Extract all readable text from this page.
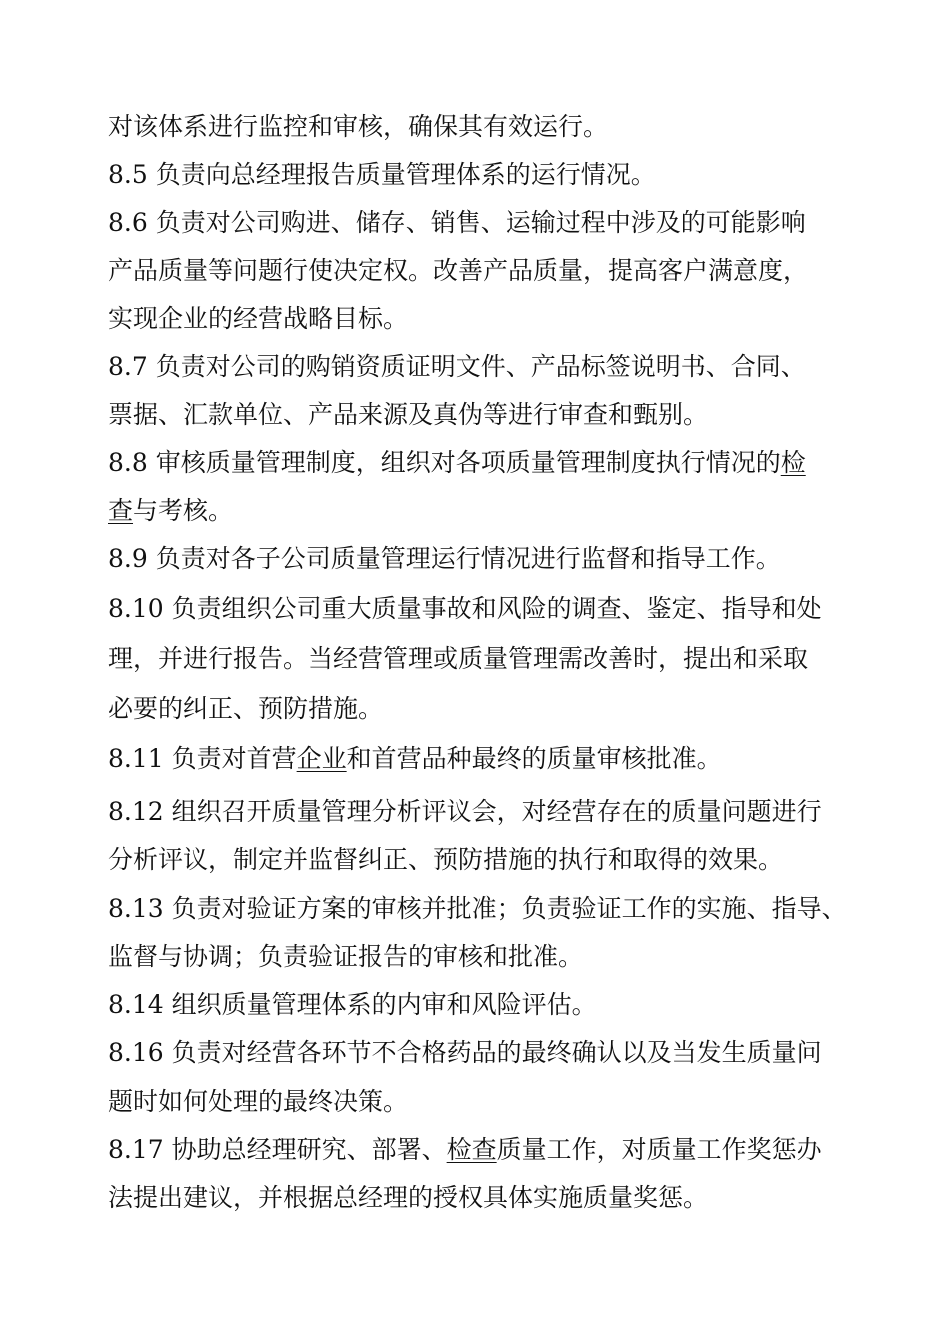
对该体系进行监控和审核，确保其有效运行。
8.5 负责向总经理报告质量管理体系的运行情况。
8.6 负责对公司购进、储存、销售、运输过程中涉及的可能影响
产品质量等问题行使决定权。改善产品质量，提高客户满意度，
实现企业的经营战略目标。
8.7 负责对公司的购销资质证明文件、产品标签说明书、合同、
票据、汇款单位、产品来源及真伪等进行审查和甄别。
8.8 审核质量管理制度，组织对各项质量管理制度执行情况的检
查与考核。
8.9 负责对各子公司质量管理运行情况进行监督和指导工作。
8.10 负责组织公司重大质量事故和风险的调查、鉴定、指导和处
理，并进行报告。当经营管理或质量管理需改善时，提出和采取
必要的纠正、预防措施。
8.11 负责对首营企业和首营品种最终的质量审核批准。
8.12 组织召开质量管理分析评议会，对经营存在的质量问题进行
分析评议，制定并监督纠正、预防措施的执行和取得的效果。
8.13 负责对验证方案的审核并批准；负责验证工作的实施、指导、
监督与协调；负责验证报告的审核和批准。
8.14 组织质量管理体系的内审和风险评估。
8.16 负责对经营各环节不合格药品的最终确认以及当发生质量问
题时如何处理的最终决策。
8.17 协助总经理研究、部署、检查质量工作，对质量工作奖惩办
法提出建议，并根据总经理的授权具体实施质量奖惩。
